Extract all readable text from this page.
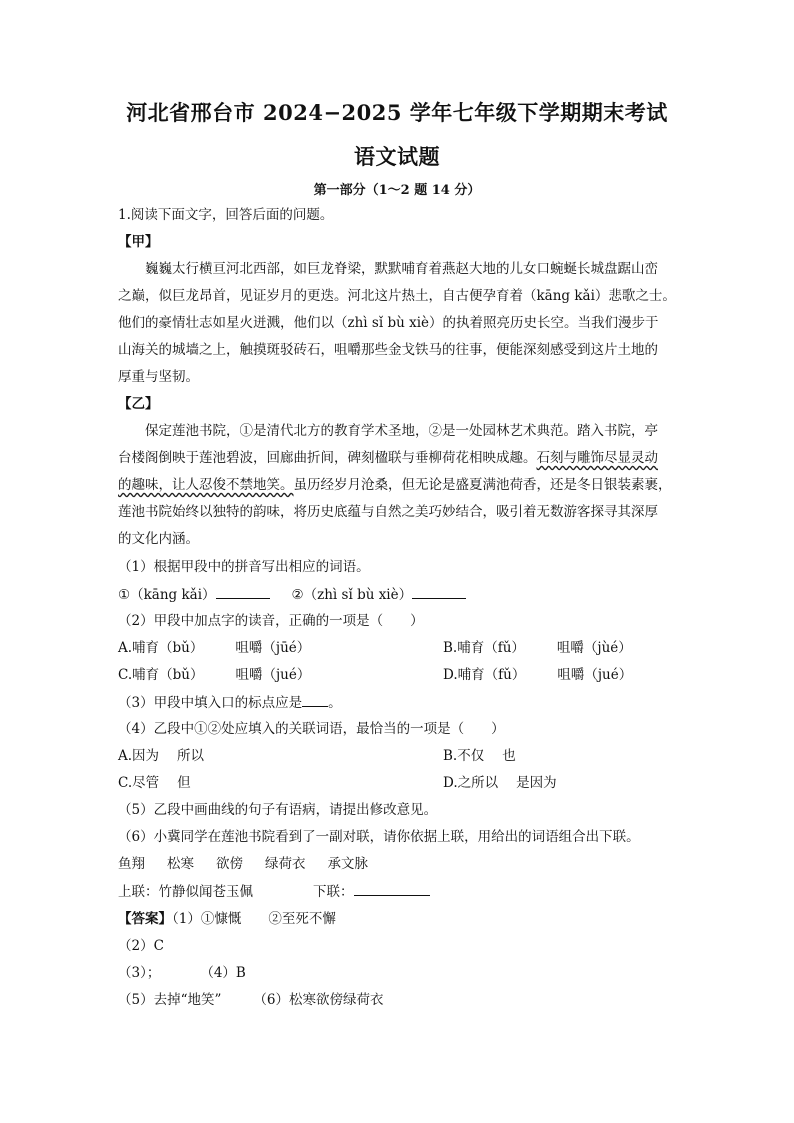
河北省邢台市 2024−2025 学年七年级下学期期末考试
语文试题
第一部分（1～2 题 14 分）
1.阅读下面文字，回答后面的问题。
【甲】
巍巍太行横亘河北西部，如巨龙脊梁，默默哺育着燕赵大地的儿女口蜿蜒长城盘踞山峦
之巅，似巨龙昂首，见证岁月的更迭。河北这片热土，自古便孕育着（kāng kǎi）悲歌之士。
他们的豪情壮志如星火迸溅，他们以（zhì sǐ bù xiè）的执着照亮历史长空。当我们漫步于
山海关的城墙之上，触摸斑驳砖石，咀嚼那些金戈铁马的往事，便能深刻感受到这片土地的
厚重与坚韧。
【乙】
保定莲池书院，①是清代北方的教育学术圣地，②是一处园林艺术典范。踏入书院，亭
台楼阁倒映于莲池碧波，回廊曲折间，碑刻楹联与垂柳荷花相映成趣。石刻与雕饰尽显灵动
的趣味，让人忍俊不禁地笑。虽历经岁月沧桑，但无论是盛夏满池荷香，还是冬日银装素裹，
莲池书院始终以独特的韵味，将历史底蕴与自然之美巧妙结合，吸引着无数游客探寻其深厚
的文化内涵。
（1）根据甲段中的拼音写出相应的词语。
①（kāng kǎi）	②（zhì sǐ bù xiè）
（2）甲段中加点字的读音，正确的一项是（　　）
A.哺育（bǔ） 咀嚼（jūé）	B.哺育（fǔ） 咀嚼（jùé）
C.哺育（bǔ） 咀嚼（jué）	D.哺育（fǔ） 咀嚼（jué）
（3）甲段中填入口的标点应是 。
（4）乙段中①②处应填入的关联词语，最恰当的一项是（　　）
A.因为 所以	B.不仅 也
C.尽管 但	D.之所以 是因为
（5）乙段中画曲线的句子有语病，请提出修改意见。
（6）小冀同学在莲池书院看到了一副对联，请你依据上联，用给出的词语组合出下联。
鱼翔 松寒 欲傍 绿荷衣 承文脉
上联：竹静似闻苍玉佩	下联：
【答案】（1）①慷慨　　②至死不懈
（2）C
（3）；	（4）B
（5）去掉“地笑” （6）松寒欲傍绿荷衣
